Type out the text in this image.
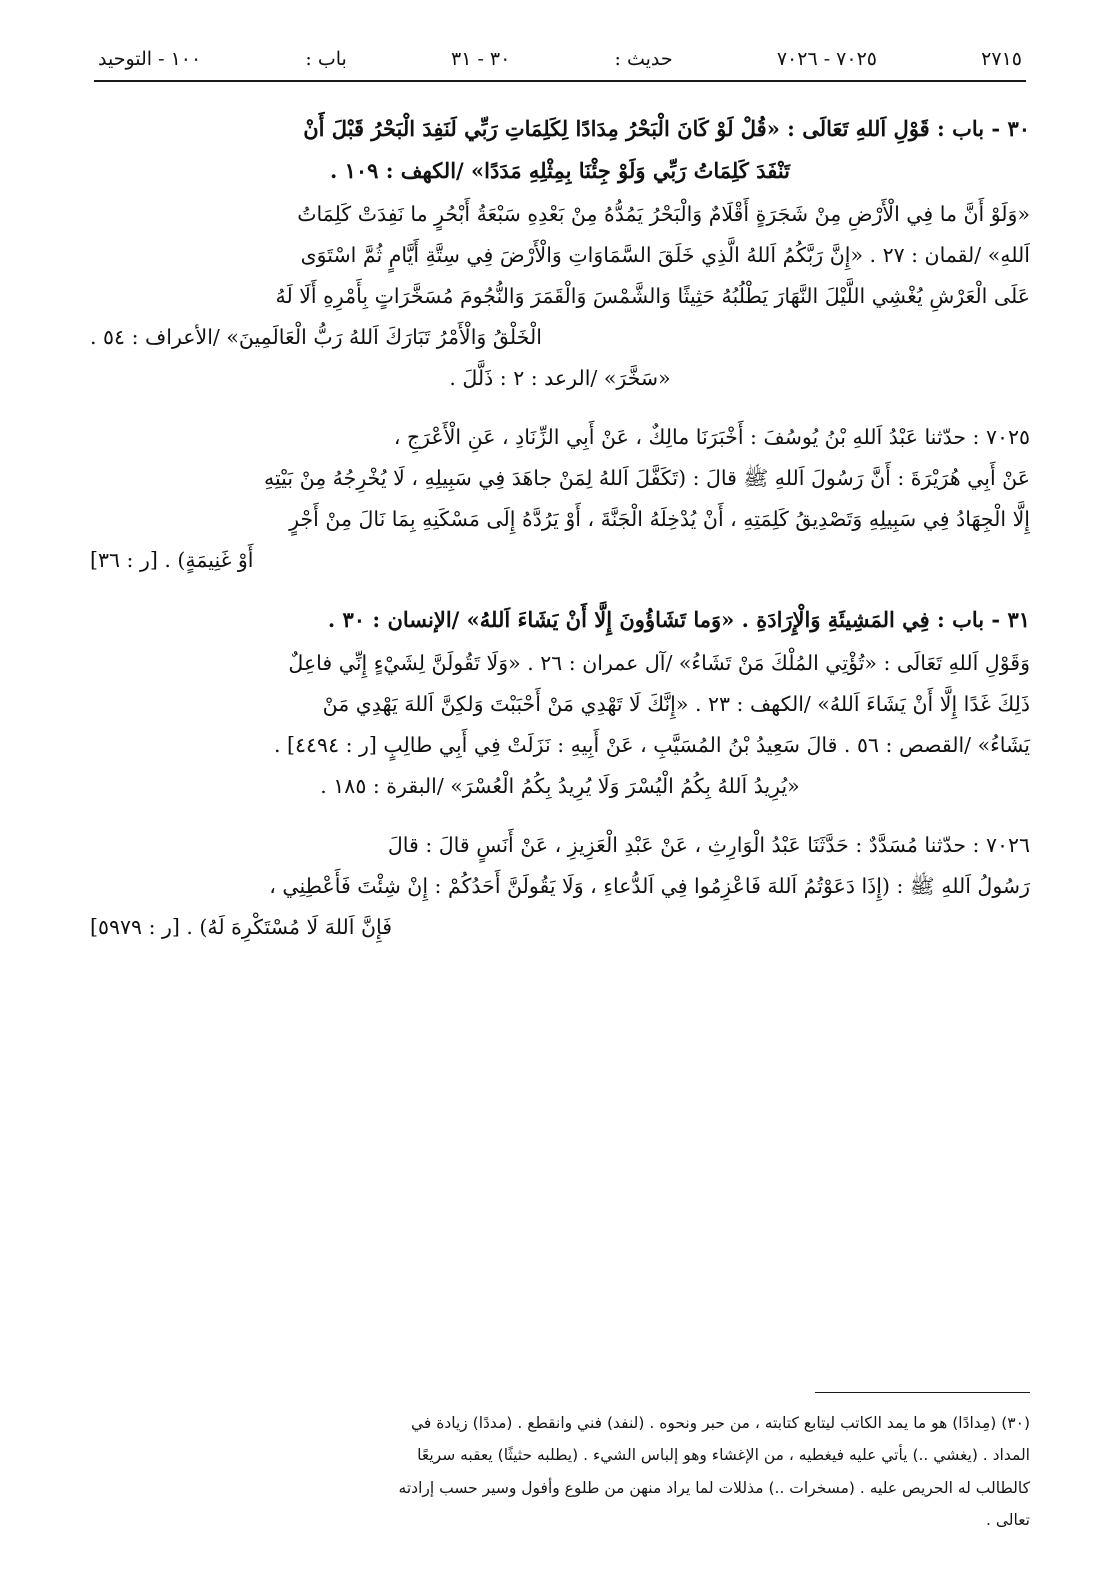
٢٧١٥
٧٠٢٥ - ٧٠٢٦
حديث :
٣٠ - ٣١
باب :
١٠٠ - التوحيد
٣٠ - باب : قَوْلِ اَللهِ تَعَالَى : «قُلْ لَوْ كَانَ الْبَحْرُ مِدَادًا لِكَلِمَاتِ رَبِّي لَنَفِدَ الْبَحْرُ قَبْلَ أَنْ
تَنْفَدَ كَلِمَاتُ رَبِّي وَلَوْ جِئْنَا بِمِثْلِهِ مَدَدًا» /الكهف : ١٠٩ .
«وَلَوْ أَنَّ ما فِي الْأَرْضِ مِنْ شَجَرَةٍ أَقْلَامٌ وَالْبَحْرُ يَمُدُّهُ مِنْ بَعْدِهِ سَبْعَةُ أَبْحُرٍ ما نَفِدَتْ كَلِمَاتُ
اَللهِ» /لقمان : ٢٧ . «إِنَّ رَبَّكُمُ اَللهُ الَّذِي خَلَقَ السَّمَاوَاتِ وَالْأَرْضَ فِي سِتَّةِ أَيَّامٍ ثُمَّ اسْتَوَى
عَلَى الْعَرْشِ يُغْشِي اللَّيْلَ النَّهَارَ يَطْلُبُهُ حَثِيثًا وَالشَّمْسَ وَالْقَمَرَ وَالنُّجُومَ مُسَخَّرَاتٍ بِأَمْرِهِ أَلَا لَهُ
الْخَلْقُ وَالْأَمْرُ تَبَارَكَ اَللهُ رَبُّ الْعَالَمِينَ» /الأعراف : ٥٤ .
«سَخَّرَ» /الرعد : ٢ : ذَلَّلَ .
٧٠٢٥ : حدّثنا عَبْدُ اَللهِ بْنُ يُوسُفَ : أَخْبَرَنَا مالِكٌ ، عَنْ أَبِي الزِّنَادِ ، عَنِ الْأَعْرَجِ ،
عَنْ أَبِي هُرَيْرَةَ : أَنَّ رَسُولَ اَللهِ ﷺ قالَ : (تَكَفَّلَ اَللهُ لِمَنْ جاهَدَ فِي سَبِيلِهِ ، لَا يُخْرِجُهُ مِنْ بَيْتِهِ
إِلَّا الْجِهَادُ فِي سَبِيلِهِ وَتَصْدِيقُ كَلِمَتِهِ ، أَنْ يُدْخِلَهُ الْجَنَّةَ ، أَوْ يَرُدَّهُ إِلَى مَسْكَنِهِ بِمَا نَالَ مِنْ أَجْرٍ
أَوْ غَنِيمَةٍ) . [ر : ٣٦]
٣١ - باب : فِي المَشِيئَةِ وَالْإِرَادَةِ . «وَما تَشَاؤُونَ إِلَّا أَنْ يَشَاءَ اَللهُ» /الإنسان : ٣٠ .
وَقَوْلِ اَللهِ تَعَالَى : «تُؤْتِي المُلْكَ مَنْ تَشَاءُ» /آل عمران : ٢٦ . «وَلَا تَقُولَنَّ لِشَيْءٍ إِنِّي فاعِلٌ
ذَلِكَ غَدًا إِلَّا أَنْ يَشَاءَ اَللهُ» /الكهف : ٢٣ . «إِنَّكَ لَا تَهْدِي مَنْ أَحْبَبْتَ وَلكِنَّ اَللهَ يَهْدِي مَنْ
يَشَاءُ» /القصص : ٥٦ . قالَ سَعِيدُ بْنُ المُسَيَّبِ ، عَنْ أَبِيهِ : نَزَلَتْ فِي أَبِي طالِبٍ [ر : ٤٤٩٤] .
«يُرِيدُ اَللهُ بِكُمُ الْيُسْرَ وَلَا يُرِيدُ بِكُمُ الْعُسْرَ» /البقرة : ١٨٥ .
٧٠٢٦ : حدّثنا مُسَدَّدٌ : حَدَّثَنَا عَبْدُ الْوَارِثِ ، عَنْ عَبْدِ الْعَزِيزِ ، عَنْ أَنَسٍ قالَ : قالَ
رَسُولُ اَللهِ ﷺ : (إِذَا دَعَوْتُمُ اَللهَ فَاعْزِمُوا فِي اَلدُّعاءِ ، وَلَا يَقُولَنَّ أَحَدُكُمْ : إِنْ شِئْتَ فَأَعْطِنِي ،
فَإِنَّ اَللهَ لَا مُسْتَكْرِهَ لَهُ) . [ر : ٥٩٧٩]
(٣٠) (مِدادًا) هو ما يمد الكاتب ليتابع كتابته ، من حبر ونحوه . (لنفد) فني وانقطع . (مددًا) زيادة في
المداد . (يغشي ..) يأتي عليه فيغطيه ، من الإغشاء وهو إلباس الشيء . (يطلبه حثيثًا) يعقبه سريعًا
كالطالب له الحريص عليه . (مسخرات ..) مذللات لما يراد منهن من طلوع وأفول وسير حسب إرادته
تعالى .
